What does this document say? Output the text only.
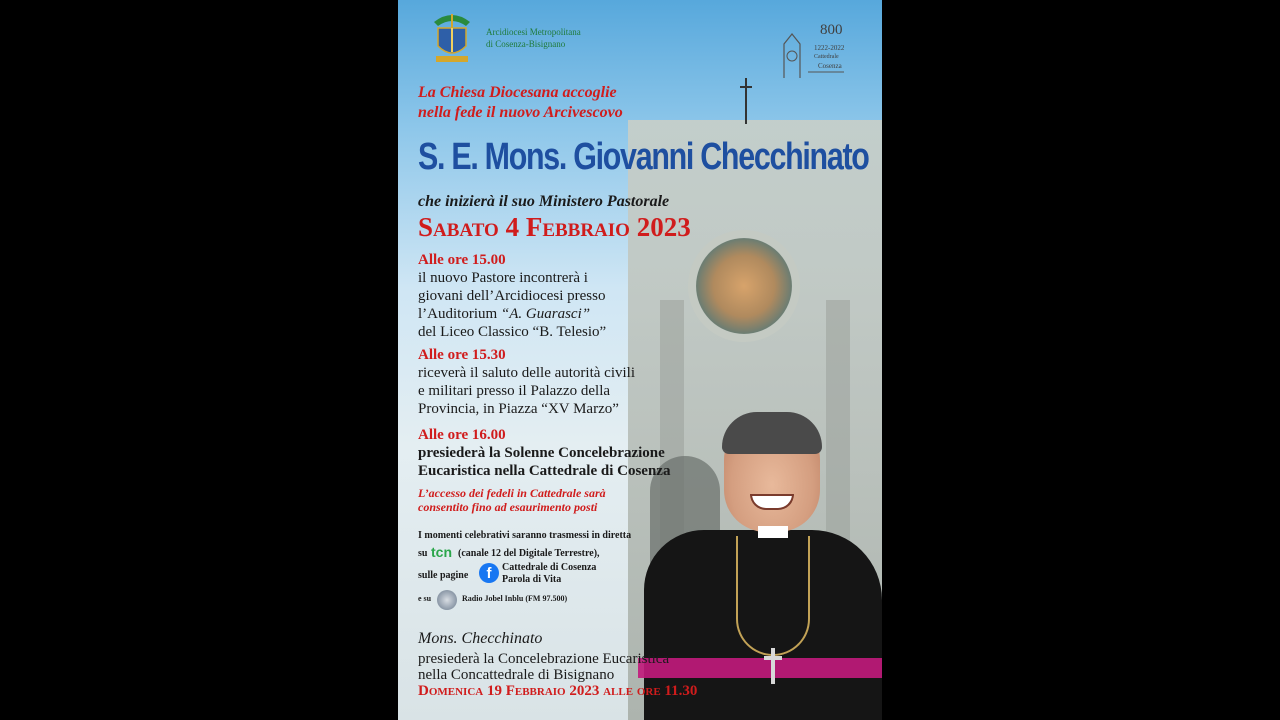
Arcidiocesi Metropolitana
di Cosenza-Bisignano
800
1222-2022
Cattedrale
Cosenza
La Chiesa Diocesana accoglie
nella fede il nuovo Arcivescovo
S. E. Mons. Giovanni Checchinato
che inizierà il suo Ministero Pastorale
Sabato 4 Febbraio 2023
Alle ore 15.00
il nuovo Pastore incontrerà i
giovani dell’Arcidiocesi presso
l’Auditorium “A. Guarasci”
del Liceo Classico “B. Telesio”
Alle ore 15.30
riceverà il saluto delle autorità civili
e militari presso il Palazzo della
Provincia, in Piazza “XV Marzo”
Alle ore 16.00
presiederà la Solenne Concelebrazione
Eucaristica nella Cattedrale di Cosenza
L’accesso dei fedeli in Cattedrale sarà
consentito fino ad esaurimento posti
I momenti celebrativi saranno trasmessi in diretta
su tcn (canale 12 del Digitale Terrestre),
sulle pagine	f	Cattedrale di Cosenza
Parola di Vita
e su	Radio Jobel Inblu (FM 97.500)
Mons. Checchinato
presiederà la Concelebrazione Eucaristica
nella Concattedrale di Bisignano
Domenica 19 Febbraio 2023 alle ore 11.30
